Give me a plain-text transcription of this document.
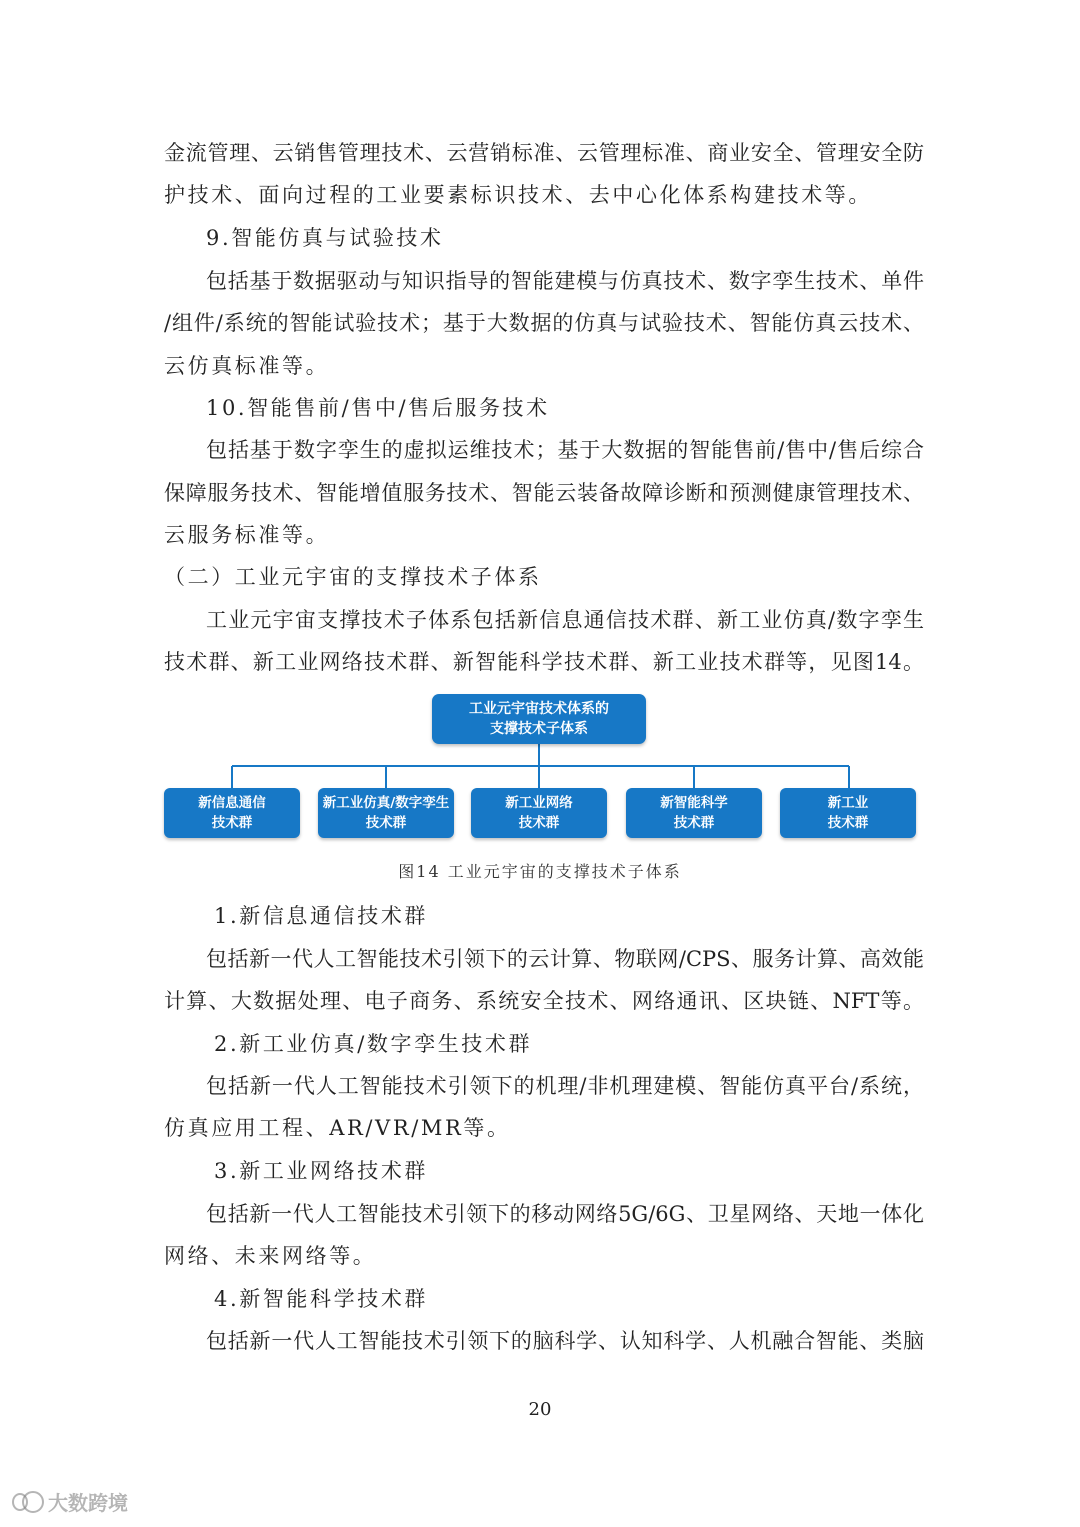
金流管理、云销售管理技术、云营销标准、云管理标准、商业安全、管理安全防
护技术、面向过程的工业要素标识技术、去中心化体系构建技术等。
9.智能仿真与试验技术
包括基于数据驱动与知识指导的智能建模与仿真技术、数字孪生技术、单件
/组件/系统的智能试验技术；基于大数据的仿真与试验技术、智能仿真云技术、
云仿真标准等。
10.智能售前/售中/售后服务技术
包括基于数字孪生的虚拟运维技术；基于大数据的智能售前/售中/售后综合
保障服务技术、智能增值服务技术、智能云装备故障诊断和预测健康管理技术、
云服务标准等。
（二）工业元宇宙的支撑技术子体系
工业元宇宙支撑技术子体系包括新信息通信技术群、新工业仿真/数字孪生
技术群、新工业网络技术群、新智能科学技术群、新工业技术群等，见图14。
工业元宇宙技术体系的
支撑技术子体系
新信息通信
技术群
新工业仿真/数字孪生
技术群
新工业网络
技术群
新智能科学
技术群
新工业
技术群
图14 工业元宇宙的支撑技术子体系
1.新信息通信技术群
包括新一代人工智能技术引领下的云计算、物联网/CPS、服务计算、高效能
计算、大数据处理、电子商务、系统安全技术、网络通讯、区块链、NFT等。
2.新工业仿真/数字孪生技术群
包括新一代人工智能技术引领下的机理/非机理建模、智能仿真平台/系统，
仿真应用工程、AR/VR/MR等。
3.新工业网络技术群
包括新一代人工智能技术引领下的移动网络5G/6G、卫星网络、天地一体化
网络、未来网络等。
4.新智能科学技术群
包括新一代人工智能技术引领下的脑科学、认知科学、人机融合智能、类脑
20
大数跨境
